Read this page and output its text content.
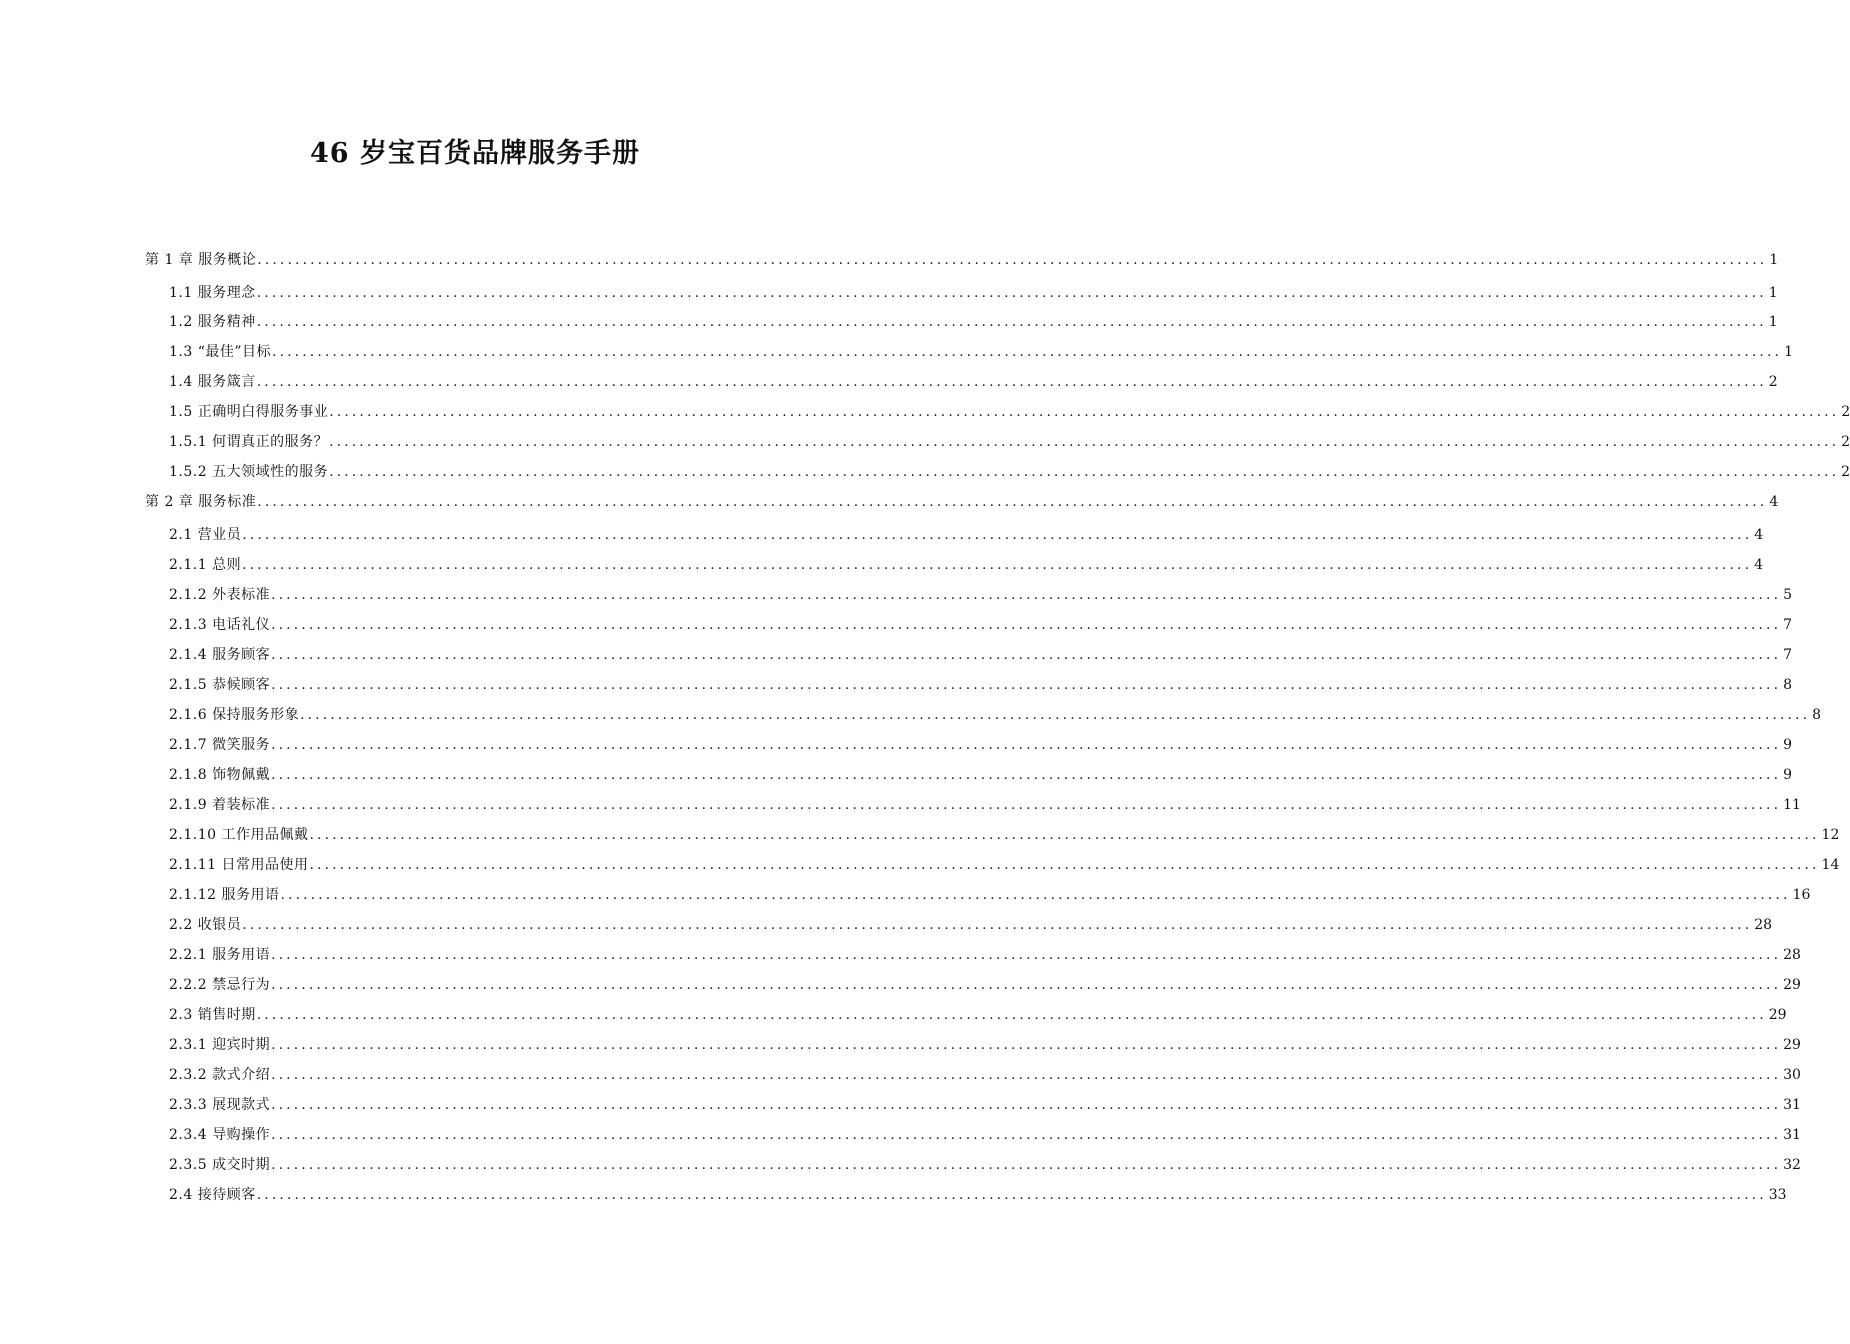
46 岁宝百货品牌服务手册
第 1 章 服务概论 ........................................................................................................................................................................................................ 1
1.1 服务理念 ........................................................................................................................................................................................................ 1
1.2 服务精神 ........................................................................................................................................................................................................ 1
1.3 “最佳”目标 ........................................................................................................................................................................................................ 1
1.4 服务箴言 ........................................................................................................................................................................................................ 2
1.5 正确明白得服务事业 ........................................................................................................................................................................................................ 2
1.5.1 何谓真正的服务？ ........................................................................................................................................................................................................ 2
1.5.2 五大领域性的服务 ........................................................................................................................................................................................................ 2
第 2 章 服务标准 ........................................................................................................................................................................................................ 4
2.1 营业员 ........................................................................................................................................................................................................ 4
2.1.1 总则 ........................................................................................................................................................................................................ 4
2.1.2 外表标准 ........................................................................................................................................................................................................ 5
2.1.3 电话礼仪 ........................................................................................................................................................................................................ 7
2.1.4 服务顾客 ........................................................................................................................................................................................................ 7
2.1.5 恭候顾客 ........................................................................................................................................................................................................ 8
2.1.6 保持服务形象 ........................................................................................................................................................................................................ 8
2.1.7 微笑服务 ........................................................................................................................................................................................................ 9
2.1.8 饰物佩戴 ........................................................................................................................................................................................................ 9
2.1.9 着装标准 ........................................................................................................................................................................................................ 11
2.1.10 工作用品佩戴 ........................................................................................................................................................................................................ 12
2.1.11 日常用品使用 ........................................................................................................................................................................................................ 14
2.1.12 服务用语 ........................................................................................................................................................................................................ 16
2.2 收银员 ........................................................................................................................................................................................................ 28
2.2.1 服务用语 ........................................................................................................................................................................................................ 28
2.2.2 禁忌行为 ........................................................................................................................................................................................................ 29
2.3 销售时期 ........................................................................................................................................................................................................ 29
2.3.1 迎宾时期 ........................................................................................................................................................................................................ 29
2.3.2 款式介绍 ........................................................................................................................................................................................................ 30
2.3.3 展现款式 ........................................................................................................................................................................................................ 31
2.3.4 导购操作 ........................................................................................................................................................................................................ 31
2.3.5 成交时期 ........................................................................................................................................................................................................ 32
2.4 接待顾客 ........................................................................................................................................................................................................ 33
